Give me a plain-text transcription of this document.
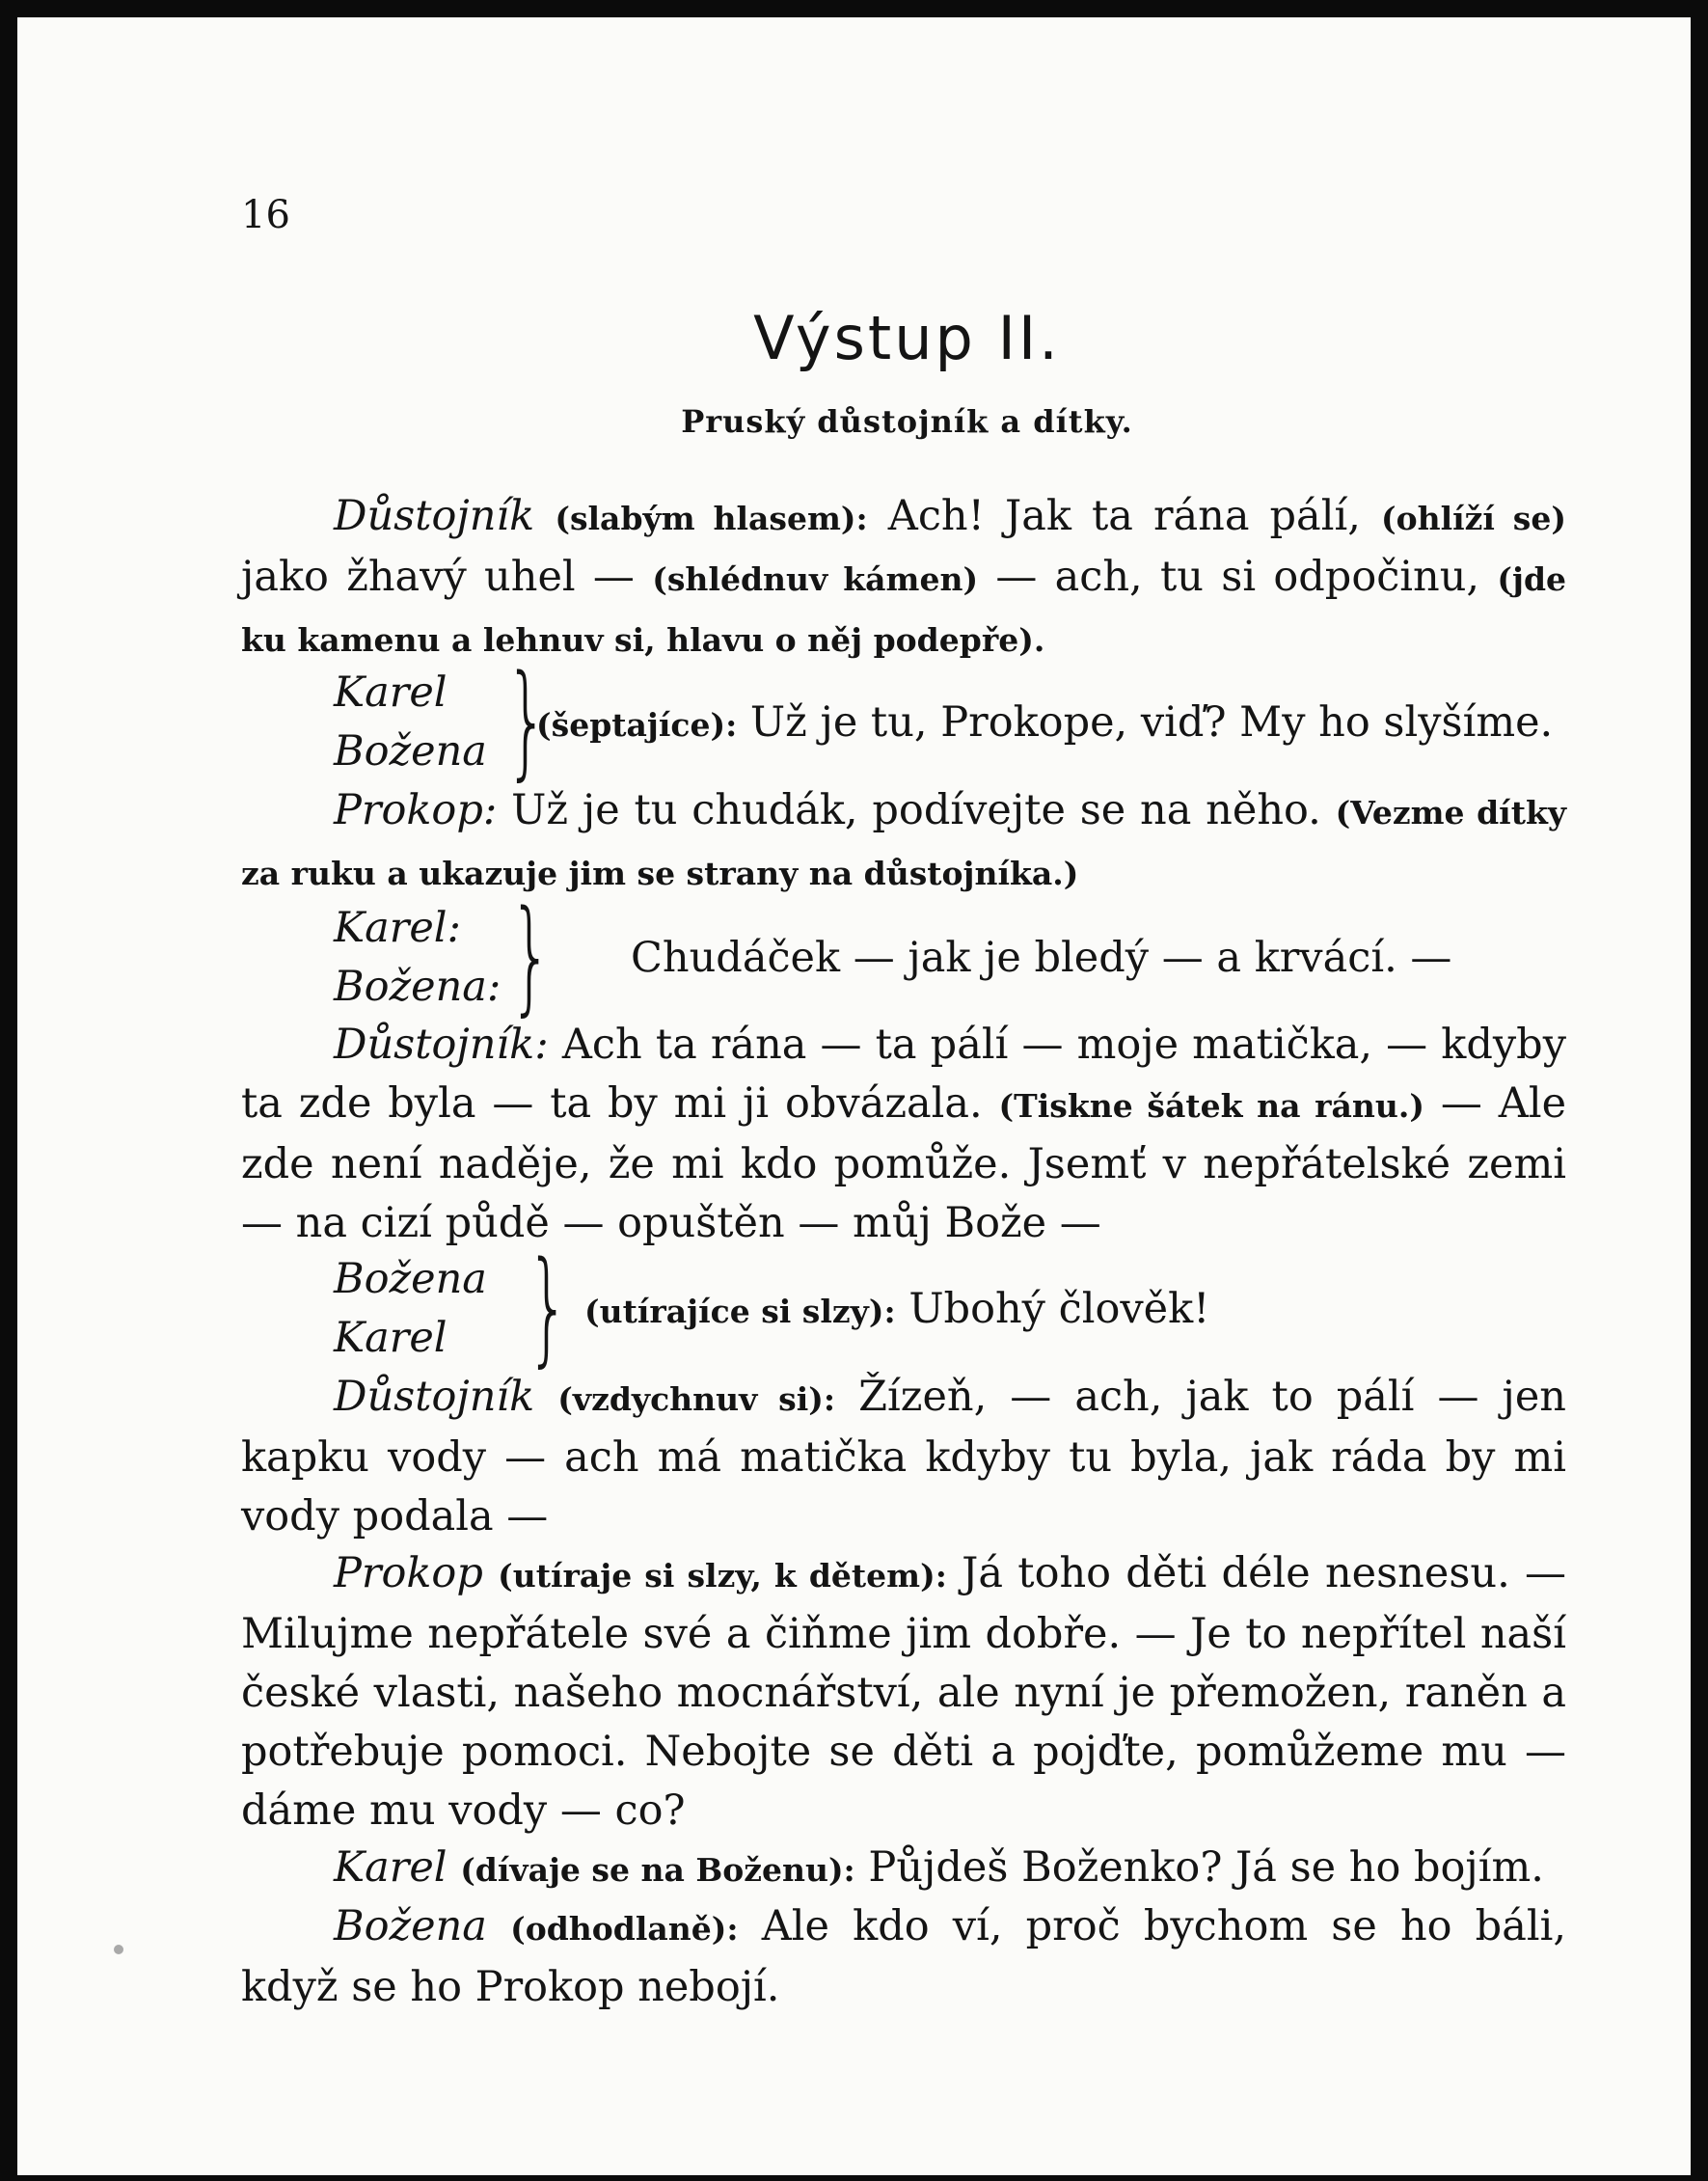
16

Výstup II.

Pruský důstojník a dítky.

Důstojník (slabým hlasem): Ach! Jak ta rána pálí, (ohlíží se) jako žhavý uhel — (shlédnuv kámen) — ach, tu si odpočinu, (jde ku kamenu a lehnuv si, hlavu o něj podepře).

Karel
Božena }
(šeptajíce): Už je tu, Prokope, viď? My ho slyšíme.

Prokop: Už je tu chudák, podívejte se na něho. (Vezme dítky za ruku a ukazuje jim se strany na důstojníka.)

Karel:
Božena: } Chudáček — jak je bledý — a krvácí. —

Důstojník: Ach ta rána — ta pálí — moje matička, — kdyby ta zde byla — ta by mi ji obvázala. (Tiskne šátek na ránu.) — Ale zde není naděje, že mi kdo pomůže. Jsemť v nepřátelské zemi — na cizí půdě — opuštěn — můj Bože —

Božena
Karel } (utírajíce si slzy): Ubohý člověk!

Důstojník (vzdychnuv si): Žízeň, — ach, jak to pálí — jen kapku vody — ach má matička kdyby tu byla, jak ráda by mi vody podala —

Prokop (utíraje si slzy, k dětem): Já toho děti déle nesnesu. — Milujme nepřátele své a čiňme jim dobře. — Je to nepřítel naší české vlasti, našeho mocnářství, ale nyní je přemožen, raněn a potřebuje pomoci. Nebojte se děti a pojďte, pomůžeme mu — dáme mu vody — co?

Karel (dívaje se na Boženu): Půjdeš Boženko? Já se ho bojím.

Božena (odhodlaně): Ale kdo ví, proč bychom se ho báli, když se ho Prokop nebojí.
